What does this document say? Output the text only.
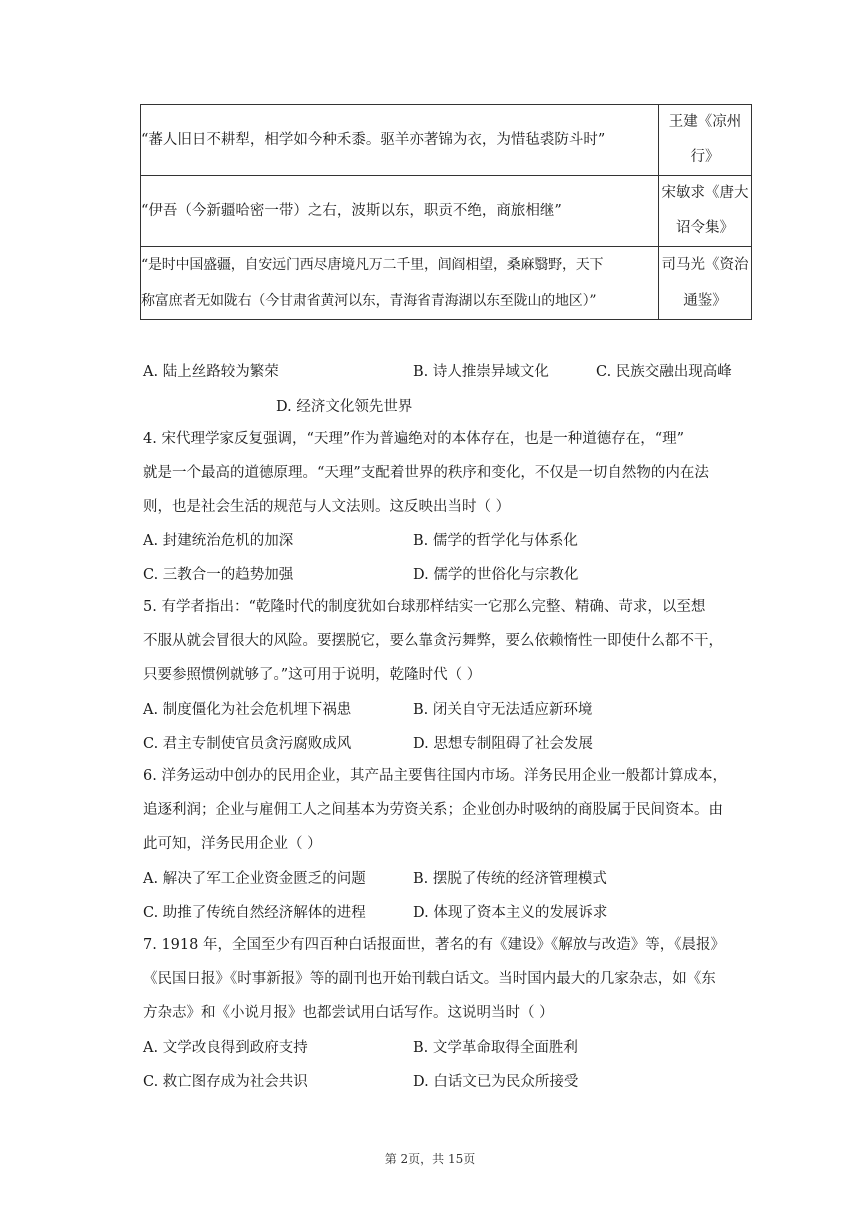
“蕃人旧日不耕犁，相学如今种禾黍。驱羊亦著锦为衣，为惜毡裘防斗时”	王建《凉州
行》

“伊吾（今新疆哈密一带）之右，波斯以东，职贡不绝，商旅相继”	宋敏求《唐大
诏令集》

“是时中国盛疆，自安远门西尽唐境凡万二千里，闾阎相望，桑麻翳野，天下
称富庶者无如陇右（今甘肃省黄河以东，青海省青海湖以东至陇山的地区）”	司马光《资治
通鉴》
A. 陆上丝路较为繁荣	B. 诗人推崇异域文化	C. 民族交融出现高峰
D. 经济文化领先世界
4. 宋代理学家反复强调，“天理”作为普遍绝对的本体存在，也是一种道德存在，“理”
就是一个最高的道德原理。“天理”支配着世界的秩序和变化，不仅是一切自然物的内在法
则，也是社会生活的规范与人文法则。这反映出当时（ ）
A. 封建统治危机的加深	B. 儒学的哲学化与体系化
C. 三教合一的趋势加强	D. 儒学的世俗化与宗教化
5. 有学者指出：“乾隆时代的制度犹如台球那样结实一它那么完整、精确、苛求，以至想
不服从就会冒很大的风险。要摆脱它，要么靠贪污舞弊，要么依赖惰性一即使什么都不干，
只要参照惯例就够了。”这可用于说明，乾隆时代（ ）
A. 制度僵化为社会危机埋下祸患	B. 闭关自守无法适应新环境
C. 君主专制使官员贪污腐败成风	D. 思想专制阻碍了社会发展
6. 洋务运动中创办的民用企业，其产品主要售往国内市场。洋务民用企业一般都计算成本，
追逐利润；企业与雇佣工人之间基本为劳资关系；企业创办时吸纳的商股属于民间资本。由
此可知，洋务民用企业（ ）
A. 解决了军工企业资金匮乏的问题	B. 摆脱了传统的经济管理模式
C. 助推了传统自然经济解体的进程	D. 体现了资本主义的发展诉求
7. 1918 年，全国至少有四百种白话报面世，著名的有《建设》《解放与改造》等，《晨报》
《民国日报》《时事新报》等的副刊也开始刊载白话文。当时国内最大的几家杂志，如《东
方杂志》和《小说月报》也都尝试用白话写作。这说明当时（ ）
A. 文学改良得到政府支持	B. 文学革命取得全面胜利
C. 救亡图存成为社会共识	D. 白话文已为民众所接受
第 2页，共 15页
